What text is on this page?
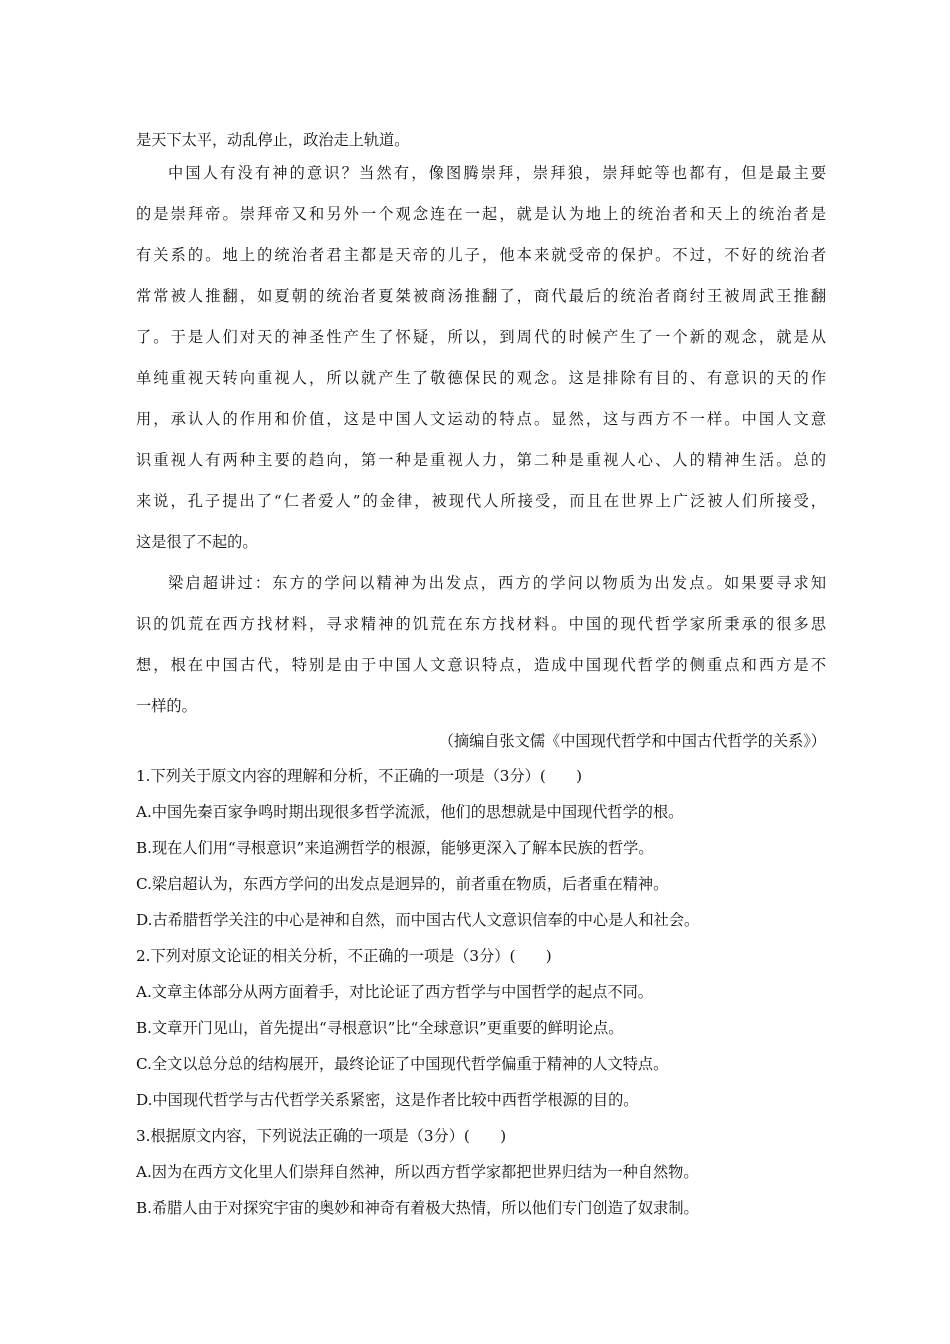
是天下太平，动乱停止，政治走上轨道。
中国人有没有神的意识？当然有，像图腾崇拜，崇拜狼，崇拜蛇等也都有，但是最主要
的是崇拜帝。崇拜帝又和另外一个观念连在一起，就是认为地上的统治者和天上的统治者是
有关系的。地上的统治者君主都是天帝的儿子，他本来就受帝的保护。不过，不好的统治者
常常被人推翻，如夏朝的统治者夏桀被商汤推翻了，商代最后的统治者商纣王被周武王推翻
了。于是人们对天的神圣性产生了怀疑，所以，到周代的时候产生了一个新的观念，就是从
单纯重视天转向重视人，所以就产生了敬德保民的观念。这是排除有目的、有意识的天的作
用，承认人的作用和价值，这是中国人文运动的特点。显然，这与西方不一样。中国人文意
识重视人有两种主要的趋向，第一种是重视人力，第二种是重视人心、人的精神生活。总的
来说，孔子提出了“仁者爱人”的金律，被现代人所接受，而且在世界上广泛被人们所接受，
这是很了不起的。
梁启超讲过：东方的学问以精神为出发点，西方的学问以物质为出发点。如果要寻求知
识的饥荒在西方找材料，寻求精神的饥荒在东方找材料。中国的现代哲学家所秉承的很多思
想，根在中国古代，特别是由于中国人文意识特点，造成中国现代哲学的侧重点和西方是不
一样的。
（摘编自张文儒《中国现代哲学和中国古代哲学的关系》）
1.下列关于原文内容的理解和分析，不正确的一项是（3分）(　　)
A.中国先秦百家争鸣时期出现很多哲学流派，他们的思想就是中国现代哲学的根。
B.现在人们用“寻根意识”来追溯哲学的根源，能够更深入了解本民族的哲学。
C.梁启超认为，东西方学问的出发点是迥异的，前者重在物质，后者重在精神。
D.古希腊哲学关注的中心是神和自然，而中国古代人文意识信奉的中心是人和社会。
2.下列对原文论证的相关分析，不正确的一项是（3分）(　　)
A.文章主体部分从两方面着手，对比论证了西方哲学与中国哲学的起点不同。
B.文章开门见山，首先提出“寻根意识”比“全球意识”更重要的鲜明论点。
C.全文以总分总的结构展开，最终论证了中国现代哲学偏重于精神的人文特点。
D.中国现代哲学与古代哲学关系紧密，这是作者比较中西哲学根源的目的。
3.根据原文内容，下列说法正确的一项是（3分）(　　)
A.因为在西方文化里人们崇拜自然神，所以西方哲学家都把世界归结为一种自然物。
B.希腊人由于对探究宇宙的奥妙和神奇有着极大热情，所以他们专门创造了奴隶制。
